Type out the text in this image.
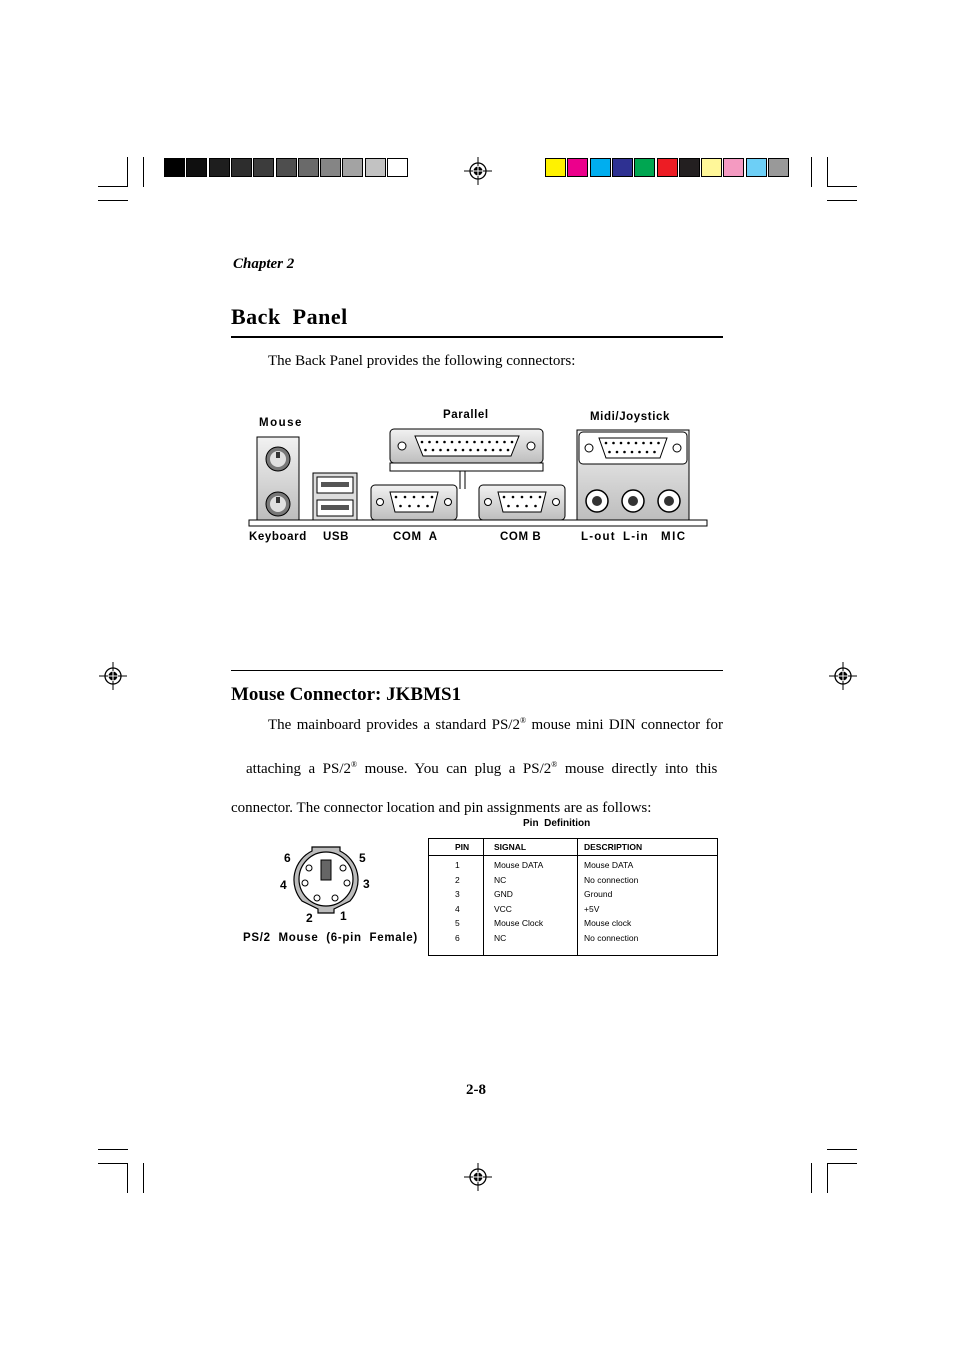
Chapter 2
Back  Panel
The Back Panel provides the following connectors:
Mouse
Parallel	Midi/Joystick
Keyboard USB	COM  A	COM B	L-out L-in MIC
Mouse Connector: JKBMS1
The mainboard provides a standard PS/2® mouse mini DIN connector for

attaching  a  PS/2®  mouse.  You  can  plug  a  PS/2®  mouse  directly  into  this

connector. The connector location and pin assignments are as follows:
6	5
4	3
2 1
PS/2  Mouse  (6-pin  Female)
Pin  Definition
PIN	SIGNAL	DESCRIPTION
1	Mouse DATA	Mouse DATA
2	NC	No connection
3	GND	Ground
4	VCC	+5V
5	Mouse Clock	Mouse clock
6	NC	No connection
2-8
